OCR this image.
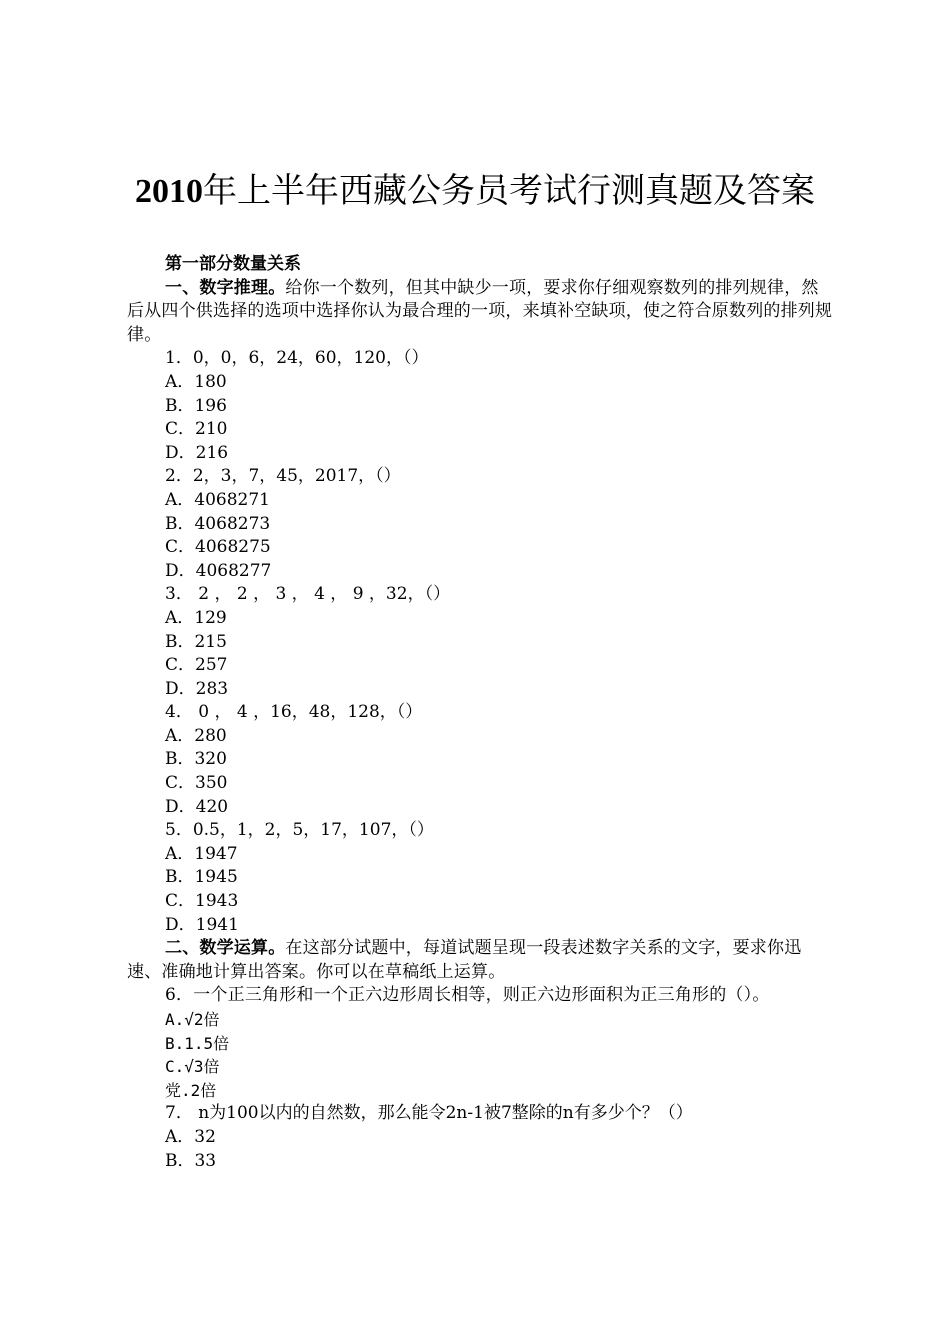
2010年上半年西藏公务员考试行测真题及答案
第一部分数量关系
一、数字推理。给你一个数列，但其中缺少一项，要求你仔细观察数列的排列规律，然后从四个供选择的选项中选择你认为最合理的一项，来填补空缺项，使之符合原数列的排列规律。
1．0，0，6，24，60，120，（）
A．180
B．196
C．210
D．216
2．2，3，7，45，2017，（）
A．4068271
B．4068273
C．4068275
D．4068277
3． 2 ， 2 ， 3 ， 4 ， 9 ，32，（）
A．129
B．215
C．257
D．283
4． 0 ， 4 ，16，48，128，（）
A．280
B．320
C．350
D．420
5．0.5，1，2，5，17，107，（）
A．1947
B．1945
C．1943
D．1941
二、数学运算。在这部分试题中，每道试题呈现一段表述数字关系的文字，要求你迅速、准确地计算出答案。你可以在草稿纸上运算。
6．一个正三角形和一个正六边形周长相等，则正六边形面积为正三角形的（）。
A.√2倍
B.1.5倍
C.√3倍
党.2倍
7． n为100以内的自然数，那么能令2n-1被7整除的n有多少个？（）
A．32
B．33
